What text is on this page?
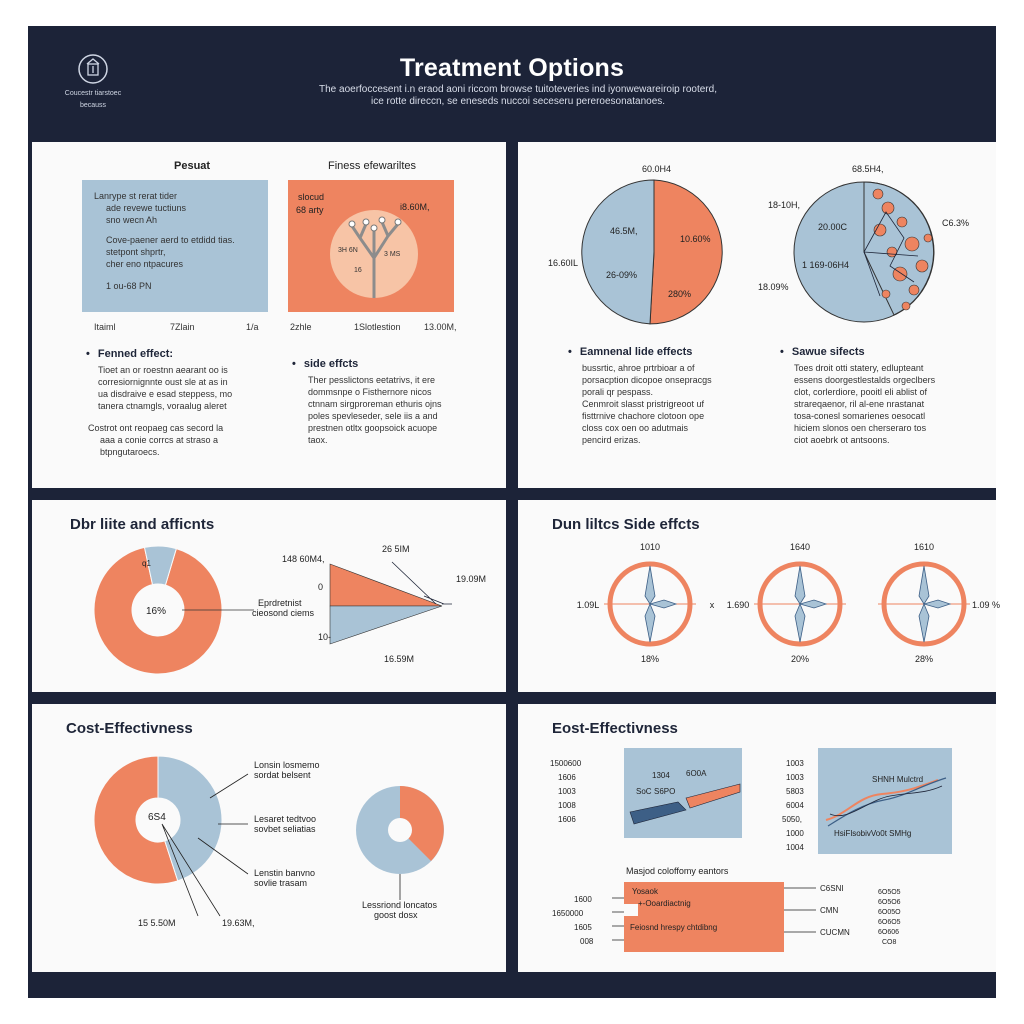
Coucestr tiarstoec
becauss
Treatment Options
The aoerfoccesent i.n eraod aoni riccom browse tuitoteveries ind iyonwewareiroip rooterd,
ice rotte direccn, se eneseds nuccoi seceseru pereroesonatanoes.
Pesuat	Finess efewariltes
Lanrype st rerat tider
ade revewe tuctiuns
sno wecn Ah
Cove-paener aerd to etdidd tias.
stetpont shprtr,
cher eno ntpacures
1 ou-68 PN
slocud
68 arty	i8.60M,
3H 6N
3 MS
16
Itaiml	7Zlain	1/a	2zhle	1Slotlestion	13.00M,
• Fenned effect:
Tioet an or roestnn aearant oo is
corresiornignnte oust sle at as in
ua disdraive e esad steppess, mo
tanera ctnamgls, voraalug aleret
Costrot ont reopaeg cas secord la
aaa a conie corrcs at straso a
btpngutaroecs.
• side effcts
Ther pesslictons eetatrivs, it ere
dommsnpe o Fisthernore nicos
ctnnam sirgproreman ethuris ojns
poles spevleseder, sele iis a and
prestnen otltx goopsoick acuope
taox.
60.0H4
16.60IL
46.5M,
26-09%
10.60%
280%
68.5H4,
18-10H,
20.00C	C6.3%
1 169-06H4
18.09%
• Eamnenal lide effects
bussrtic, ahroe prtrbioar a of
porsacption dicopoe onsepracgs
porali qr pespass.
Cenmroit slasst pristrigreoot uf
fisttrnive chachore clotoon ope
closs cox oen oo adutmais
pencird erizas.
• Sawue sifects
Toes droit otti statery, edlupteant
essens doorgestlestalds orgeclbers
clot, corlerdiore, pooitl eli ablist of
strareqaenor, ril al-ene nrastanat
tosa-conesl somarienes oesocatl
hiciem slonos oen cherseraro tos
ciot aoebrk ot antsoons.
Dbr liite and afficnts
16%
q1	148 60M4,
26 5IM
0
19.09M
Eprdretnist
cieosond ciems
10-
16.59M
Dun liltcs Side effcts
1010
18%
1.09L	x
1640
20%
1.690
1610
28%
1.09 %
Cost-Effectivness
6S4
Lonsin losmemo
sordat belsent
Lesaret tedtvoo
sovbet seliatias
Lenstin banvno
sovlie trasam
15 5.50M	19.63M,
Lessriond loncatos
goost dosx
Eost-Effectivness
1500600
1606
1003
1008
1606
1304 6O0A
SoC S6PO
SHNH Mulctrd
HsiFlsobivVo0t SMHg
1003
1003
5803
6004
5050,
1000
1004
Masjod coloffomy eantors
Yosaok
+-Ooardiactnig
Feiosnd hrespy chtdibng
1600
1650000
1605
008
C6SNI
CMN
CUCMN
6O5O5
6O5O6
6O05O
6O6O5
6O606
CO8
